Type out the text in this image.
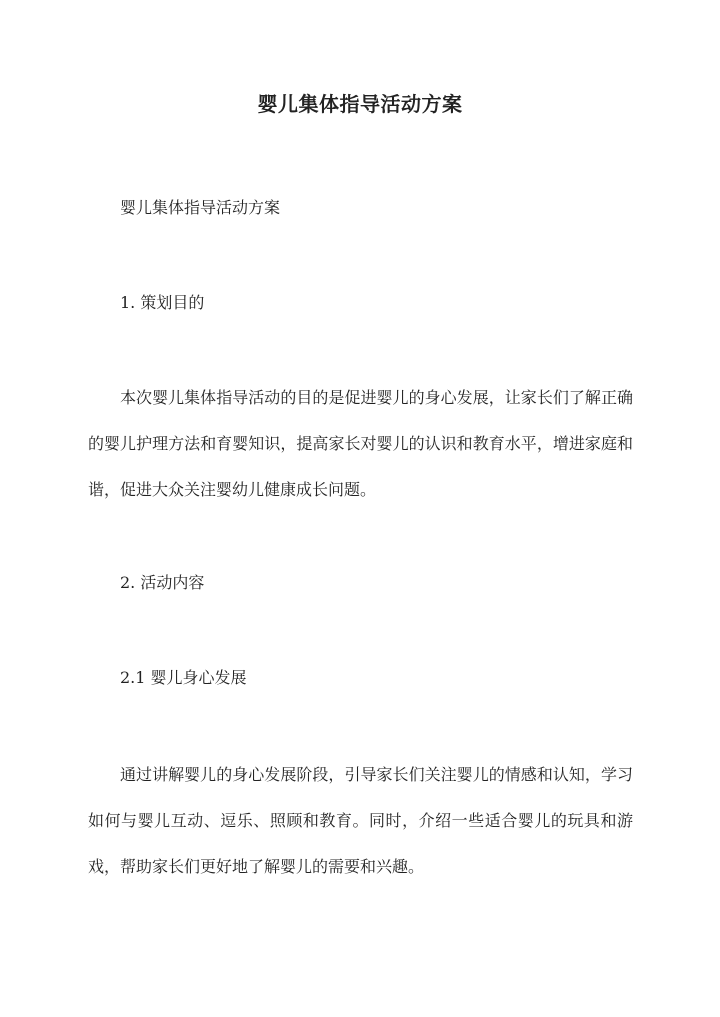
婴儿集体指导活动方案

婴儿集体指导活动方案

1. 策划目的

本次婴儿集体指导活动的目的是促进婴儿的身心发展，让家长们了解正确的婴儿护理方法和育婴知识，提高家长对婴儿的认识和教育水平，增进家庭和谐，促进大众关注婴幼儿健康成长问题。

2. 活动内容

2.1 婴儿身心发展

通过讲解婴儿的身心发展阶段，引导家长们关注婴儿的情感和认知，学习如何与婴儿互动、逗乐、照顾和教育。同时，介绍一些适合婴儿的玩具和游戏，帮助家长们更好地了解婴儿的需要和兴趣。
